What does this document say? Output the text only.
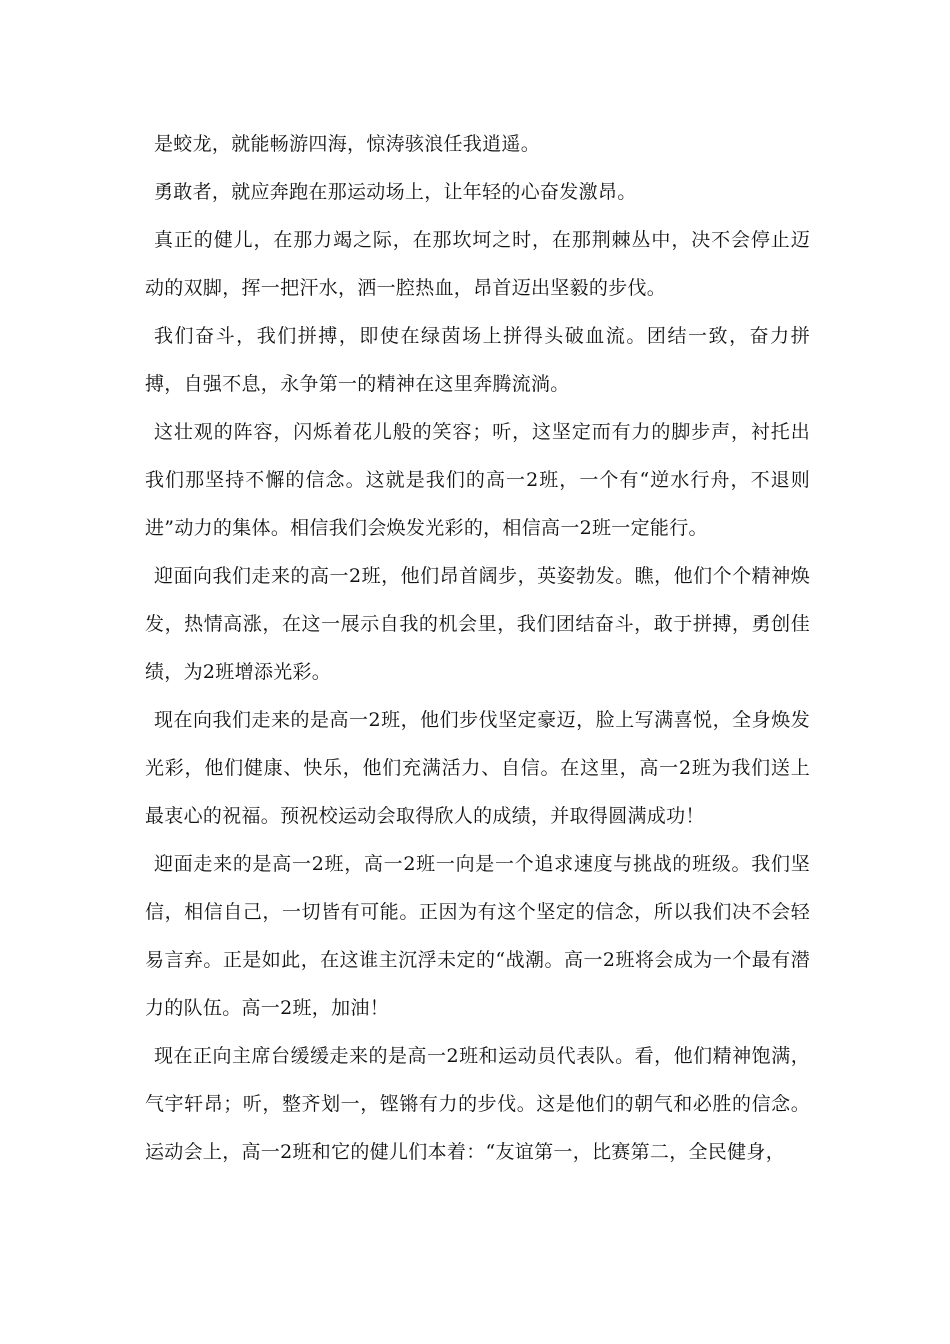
是蛟龙，就能畅游四海，惊涛骇浪任我逍遥。

勇敢者，就应奔跑在那运动场上，让年轻的心奋发激昂。

真正的健儿，在那力竭之际，在那坎坷之时，在那荆棘丛中，决不会停止迈动的双脚，挥一把汗水，洒一腔热血，昂首迈出坚毅的步伐。

我们奋斗，我们拼搏，即使在绿茵场上拼得头破血流。团结一致，奋力拼搏，自强不息，永争第一的精神在这里奔腾流淌。

这壮观的阵容，闪烁着花儿般的笑容；听，这坚定而有力的脚步声，衬托出我们那坚持不懈的信念。这就是我们的高一2班，一个有“逆水行舟，不退则进”动力的集体。相信我们会焕发光彩的，相信高一2班一定能行。

迎面向我们走来的高一2班，他们昂首阔步，英姿勃发。瞧，他们个个精神焕发，热情高涨，在这一展示自我的机会里，我们团结奋斗，敢于拼搏，勇创佳绩，为2班增添光彩。

现在向我们走来的是高一2班，他们步伐坚定豪迈，脸上写满喜悦，全身焕发光彩，他们健康、快乐，他们充满活力、自信。在这里，高一2班为我们送上最衷心的祝福。预祝校运动会取得欣人的成绩，并取得圆满成功！

迎面走来的是高一2班，高一2班一向是一个追求速度与挑战的班级。我们坚信，相信自己，一切皆有可能。正因为有这个坚定的信念，所以我们决不会轻易言弃。正是如此，在这谁主沉浮未定的“战潮。高一2班将会成为一个最有潜力的队伍。高一2班，加油！

现在正向主席台缓缓走来的是高一2班和运动员代表队。看，他们精神饱满，气宇轩昂；听，整齐划一，铿锵有力的步伐。这是他们的朝气和必胜的信念。运动会上，高一2班和它的健儿们本着：“友谊第一，比赛第二，全民健身，
